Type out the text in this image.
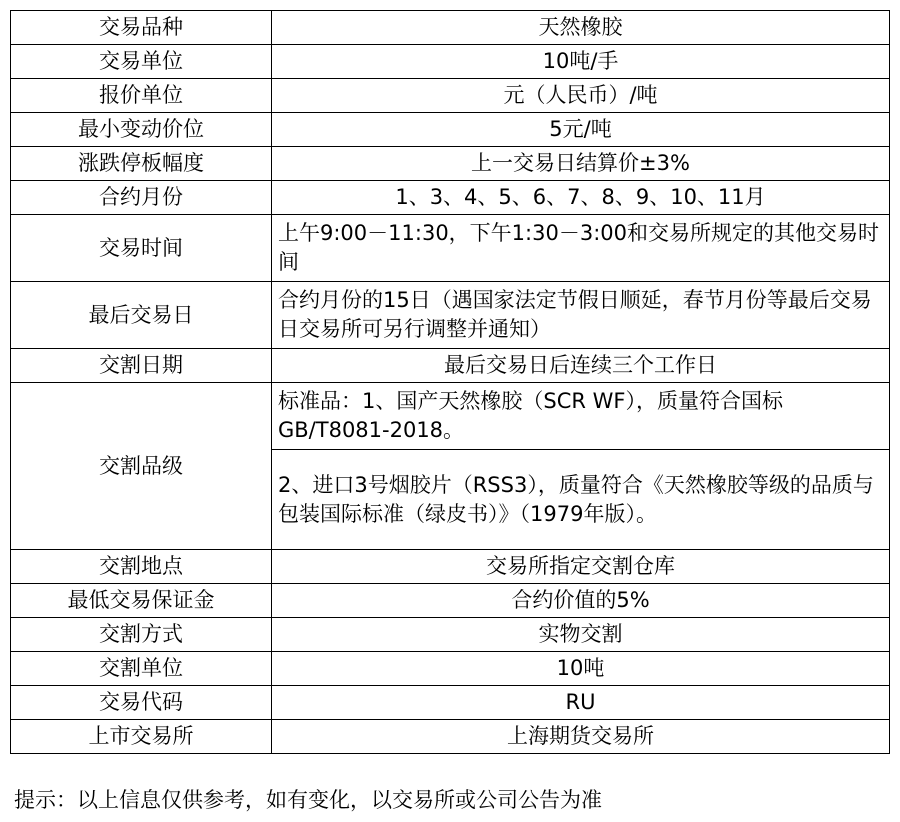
交易品种	天然橡胶
交易单位	10吨/手
报价单位	元（人民币）/吨
最小变动价位	5元/吨
涨跌停板幅度	上一交易日结算价±3%
合约月份	1、3、4、5、6、7、8、9、10、11月
交易时间	上午9:00－11:30，下午1:30－3:00和交易所规定的其他交易时间
最后交易日	合约月份的15日（遇国家法定节假日顺延，春节月份等最后交易日交易所可另行调整并通知）
交割日期	最后交易日后连续三个工作日
交割品级	标准品：1、国产天然橡胶（SCR WF），质量符合国标GB/T8081-2018。
	2、进口3号烟胶片（RSS3），质量符合《天然橡胶等级的品质与包装国际标准（绿皮书）》（1979年版）。
交割地点	交易所指定交割仓库
最低交易保证金	合约价值的5%
交割方式	实物交割
交割单位	10吨
交易代码	RU
上市交易所	上海期货交易所
提示：以上信息仅供参考，如有变化，以交易所或公司公告为准
